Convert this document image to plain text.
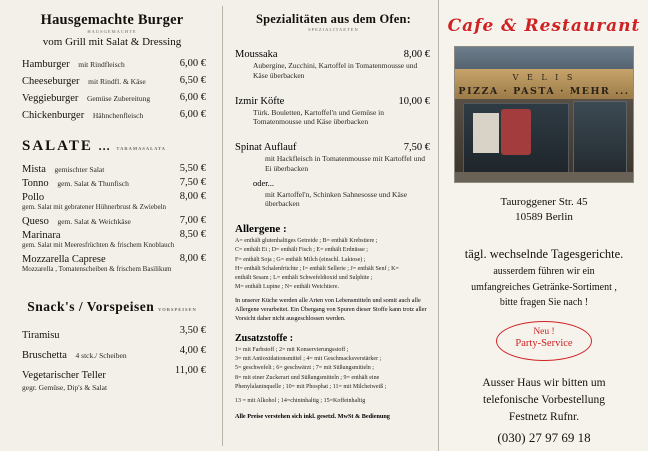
Hausgemachte Burger
HAUSGEMACHTE
vom Grill mit Salat & Dressing
Hamburger mit Rindfleisch	6,00 €
Cheeseburger mit Rindfl. & Käse	6,50 €
Veggieburger Gemüse Zubereitung	6,00 €
Chickenburger Hähnchenfleisch	6,00 €
SALATE ... TARAMASALATA
Mista gemischter Salat	5,50 €
Tonno gem. Salat & Thunfisch	7,50 €
Pollo	8,00 €
gem. Salat mit gebratener Hühnerbrust & Zwiebeln
Queso gem. Salat & Weichkäse	7,00 €
Marinara	8,50 €
gem. Salat mit Meeresfrüchten & frischem Knoblauch
Mozzarella Caprese	8,00 €
Mozzarella , Tomatenscheiben & frischem Basilikum
Snack's / Vorspeisen VORSPEISEN
Tiramisu	3,50 €
Bruschetta 4 stck./ Scheiben	4,00 €
Vegetarischer Teller	11,00 €
gegr. Gemüse, Dip's & Salat
Spezialitäten aus dem Ofen:
SPEZIALITAETEN
Moussaka	8,00 €
Aubergine, Zucchini, Kartoffel in Tomatenmousse und Käse überbacken
Izmir Köfte	10,00 €
Türk. Bouletten, Kartoffel'n und Gemüse in Tomatenmousse und Käse überbacken
Spinat Auflauf	7,50 €
mit Hackfleisch in Tomatenmousse mit Kartoffel und Ei überbacken
oder...
mit Kartoffel'n, Schinken Sahnesosse und Käse überbacken
Allergene :
A= enthält glutenhaltiges Getreide ; B= enthält Krebstiere ;
C= enthält Ei ; D= enthält Fisch ; E= enthält Erdnüsse ;
F= enthält Soja ; G= enthält Milch (einschl. Laktose) ;
H= enthält Schalenfrüchte ; I= enthält Sellerie ; J= enthält Senf ; K=
enthält Sesam ; L= enthält Schwefeldioxid und Sulphite ;
M= enthält Lupine ; N= enthält Weichtiere.
In unserer Küche werden alle Arten von Lebensmitteln und somit auch alle Allergene verarbeitet. Ein Übergang von Spuren dieser Stoffe kann trotz aller Vorsicht daher nicht ausgeschlossen werden.
Zusatzstoffe :
1= mit Farbstoff ; 2= mit Konservierungsstoff ;
3= mit Antioxidationsmittel ; 4= mit Geschmacksverstärker ;
5= geschwefelt ; 6= geschwärzt ; 7= mit Süßungsmitteln ;
8= mit einer Zuckerart und Süßungsmitteln ; 9= enthält eine
Phenylalaninquelle ; 10= mit Phosphat ; 11= mit Milcheiweiß ;
13 = mit Alkohol ; 14=chininhaltig ; 15=Koffeinhaltig
Alle Preise verstehen sich inkl. gesetzl. MwSt & Bedienung
Cafe & Restaurant
V E L I S
PIZZA · PASTA · MEHR ...
Tauroggener Str. 45
10589 Berlin
tägl. wechselnde Tagesgerichte.
ausserdem führen wir ein
umfangreiches Getränke-Sortiment ,
bitte fragen Sie nach !
Neu !
Party-Service
Ausser Haus wir bitten um
telefonische Vorbestellung
Festnetz Rufnr.
(030) 27 97 69 18
